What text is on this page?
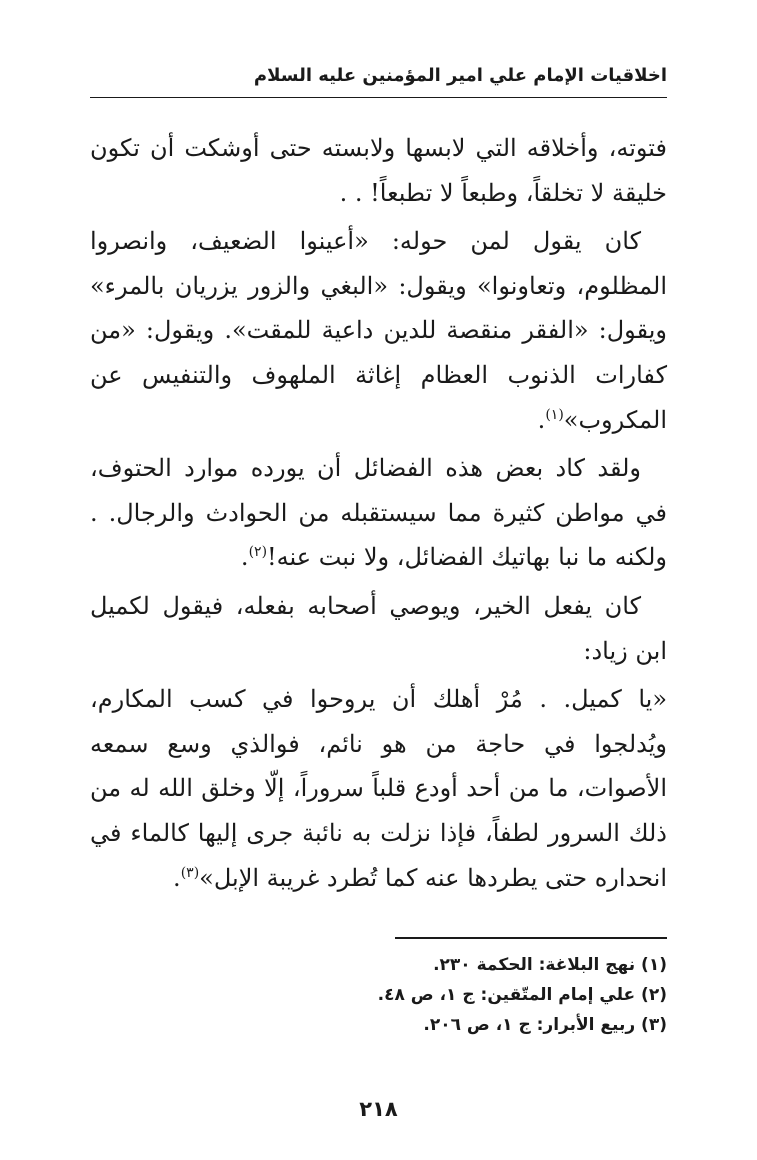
اخلاقيات الإمام علي امير المؤمنين عليه السلام

فتوته، وأخلاقه التي لابسها ولابسته حتى أوشكت أن تكون خليقة لا تخلقاً، وطبعاً لا تطبعاً! . .

كان يقول لمن حوله: «أعينوا الضعيف، وانصروا المظلوم، وتعاونوا» ويقول: «البغي والزور يزريان بالمرء» ويقول: «الفقر منقصة للدين داعية للمقت». ويقول: «من كفارات الذنوب العظام إغاثة الملهوف والتنفيس عن المكروب»$^{(١)}$.

ولقد كاد بعض هذه الفضائل أن يورده موارد الحتوف، في مواطن كثيرة مما سيستقبله من الحوادث والرجال. . ولكنه ما نبا بهاتيك الفضائل، ولا نبت عنه!$^{(٢)}$.

كان يفعل الخير، ويوصي أصحابه بفعله، فيقول لكميل ابن زياد:

«يا كميل. . مُرْ أهلك أن يروحوا في كسب المكارم، ويُدلجوا في حاجة من هو نائم، فوالذي وسع سمعه الأصوات، ما من أحد أودع قلباً سروراً، إلّا وخلق الله له من ذلك السرور لطفاً، فإذا نزلت به نائبة جرى إليها كالماء في انحداره حتى يطردها عنه كما تُطرد غريبة الإبل»$^{(٣)}$.

(١) نهج البلاغة: الحكمة ٢٣٠.
(٢) علي إمام المتّقين: ج ١، ص ٤٨.
(٣) ربيع الأبرار: ج ١، ص ٢٠٦.
٢١٨
